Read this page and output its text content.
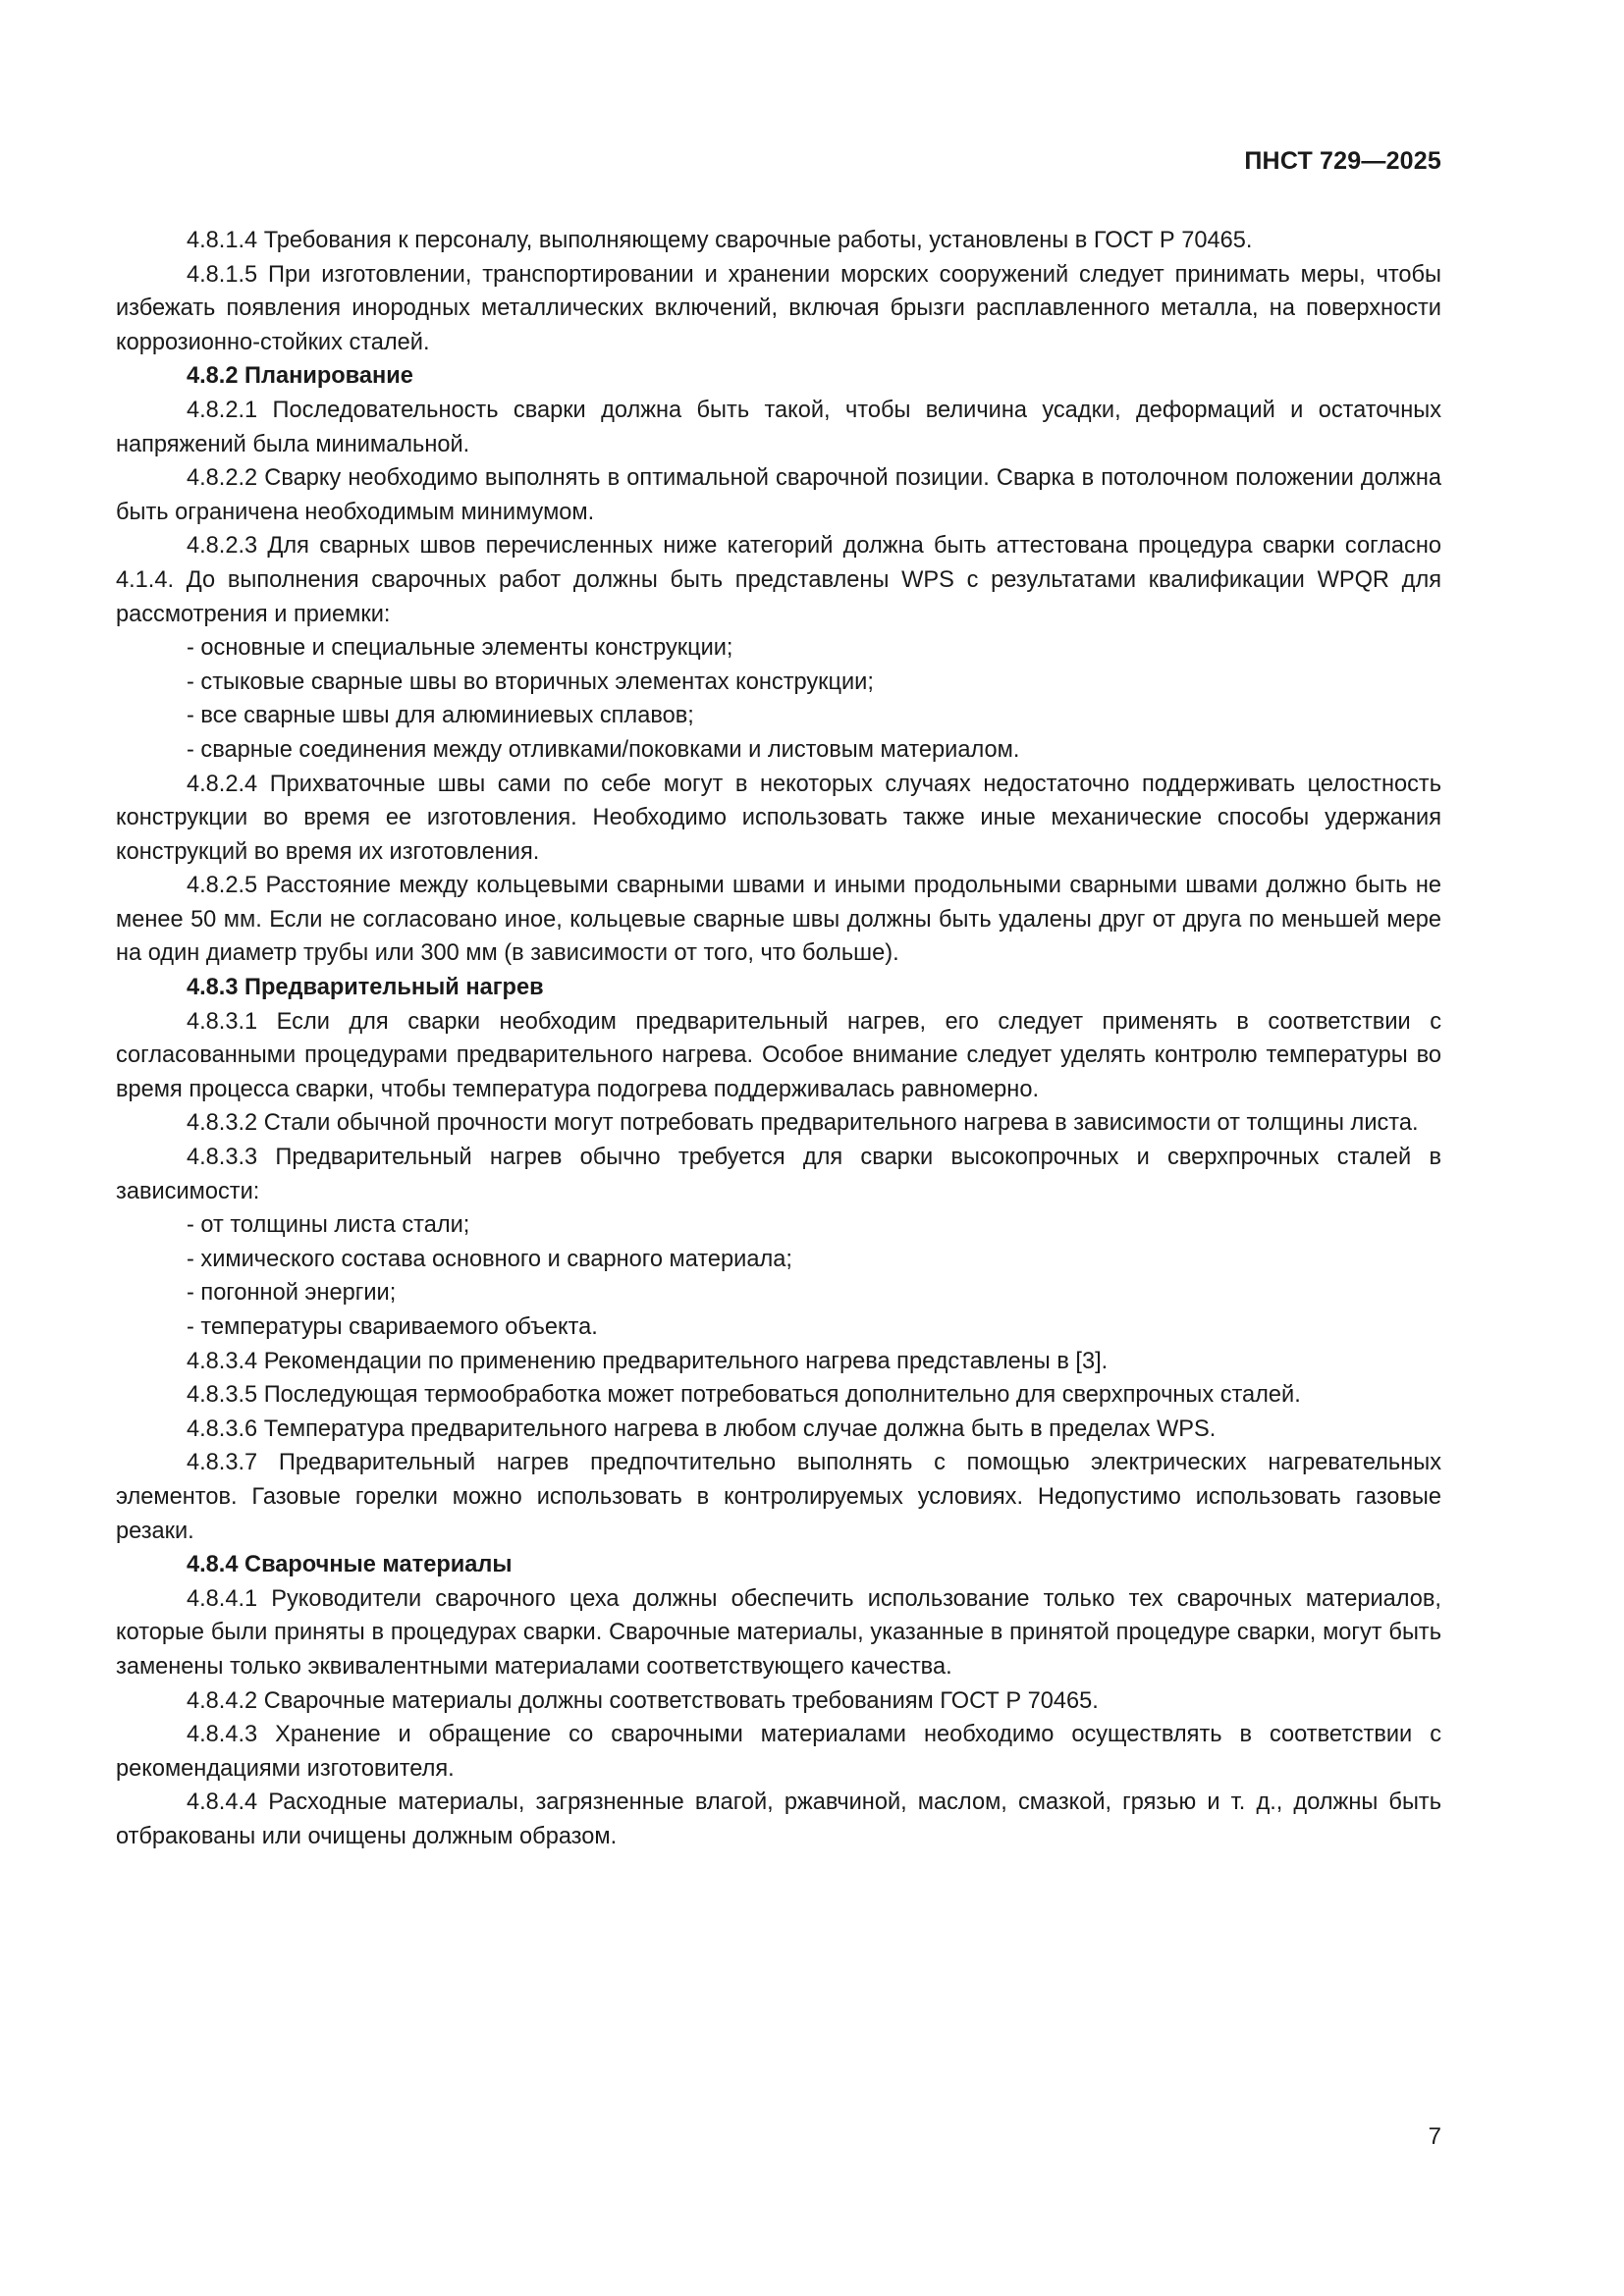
ПНСТ 729—2025

4.8.1.4 Требования к персоналу, выполняющему сварочные работы, установлены в ГОСТ Р 70465.

4.8.1.5 При изготовлении, транспортировании и хранении морских сооружений следует принимать меры, чтобы избежать появления инородных металлических включений, включая брызги расплавленного металла, на поверхности коррозионно-стойких сталей.

4.8.2 Планирование

4.8.2.1 Последовательность сварки должна быть такой, чтобы величина усадки, деформаций и остаточных напряжений была минимальной.

4.8.2.2 Сварку необходимо выполнять в оптимальной сварочной позиции. Сварка в потолочном положении должна быть ограничена необходимым минимумом.

4.8.2.3 Для сварных швов перечисленных ниже категорий должна быть аттестована процедура сварки согласно 4.1.4. До выполнения сварочных работ должны быть представлены WPS с результатами квалификации WPQR для рассмотрения и приемки:

- основные и специальные элементы конструкции;
- стыковые сварные швы во вторичных элементах конструкции;
- все сварные швы для алюминиевых сплавов;
- сварные соединения между отливками/поковками и листовым материалом.

4.8.2.4 Прихваточные швы сами по себе могут в некоторых случаях недостаточно поддерживать целостность конструкции во время ее изготовления. Необходимо использовать также иные механические способы удержания конструкций во время их изготовления.

4.8.2.5 Расстояние между кольцевыми сварными швами и иными продольными сварными швами должно быть не менее 50 мм. Если не согласовано иное, кольцевые сварные швы должны быть удалены друг от друга по меньшей мере на один диаметр трубы или 300 мм (в зависимости от того, что больше).

4.8.3 Предварительный нагрев

4.8.3.1 Если для сварки необходим предварительный нагрев, его следует применять в соответствии с согласованными процедурами предварительного нагрева. Особое внимание следует уделять контролю температуры во время процесса сварки, чтобы температура подогрева поддерживалась равномерно.

4.8.3.2 Стали обычной прочности могут потребовать предварительного нагрева в зависимости от толщины листа.

4.8.3.3 Предварительный нагрев обычно требуется для сварки высокопрочных и сверхпрочных сталей в зависимости:

- от толщины листа стали;
- химического состава основного и сварного материала;
- погонной энергии;
- температуры свариваемого объекта.

4.8.3.4 Рекомендации по применению предварительного нагрева представлены в [3].

4.8.3.5 Последующая термообработка может потребоваться дополнительно для сверхпрочных сталей.

4.8.3.6 Температура предварительного нагрева в любом случае должна быть в пределах WPS.

4.8.3.7 Предварительный нагрев предпочтительно выполнять с помощью электрических нагревательных элементов. Газовые горелки можно использовать в контролируемых условиях. Недопустимо использовать газовые резаки.

4.8.4 Сварочные материалы

4.8.4.1 Руководители сварочного цеха должны обеспечить использование только тех сварочных материалов, которые были приняты в процедурах сварки. Сварочные материалы, указанные в принятой процедуре сварки, могут быть заменены только эквивалентными материалами соответствующего качества.

4.8.4.2 Сварочные материалы должны соответствовать требованиям ГОСТ Р 70465.

4.8.4.3 Хранение и обращение со сварочными материалами необходимо осуществлять в соответствии с рекомендациями изготовителя.

4.8.4.4 Расходные материалы, загрязненные влагой, ржавчиной, маслом, смазкой, грязью и т. д., должны быть отбракованы или очищены должным образом.

7
